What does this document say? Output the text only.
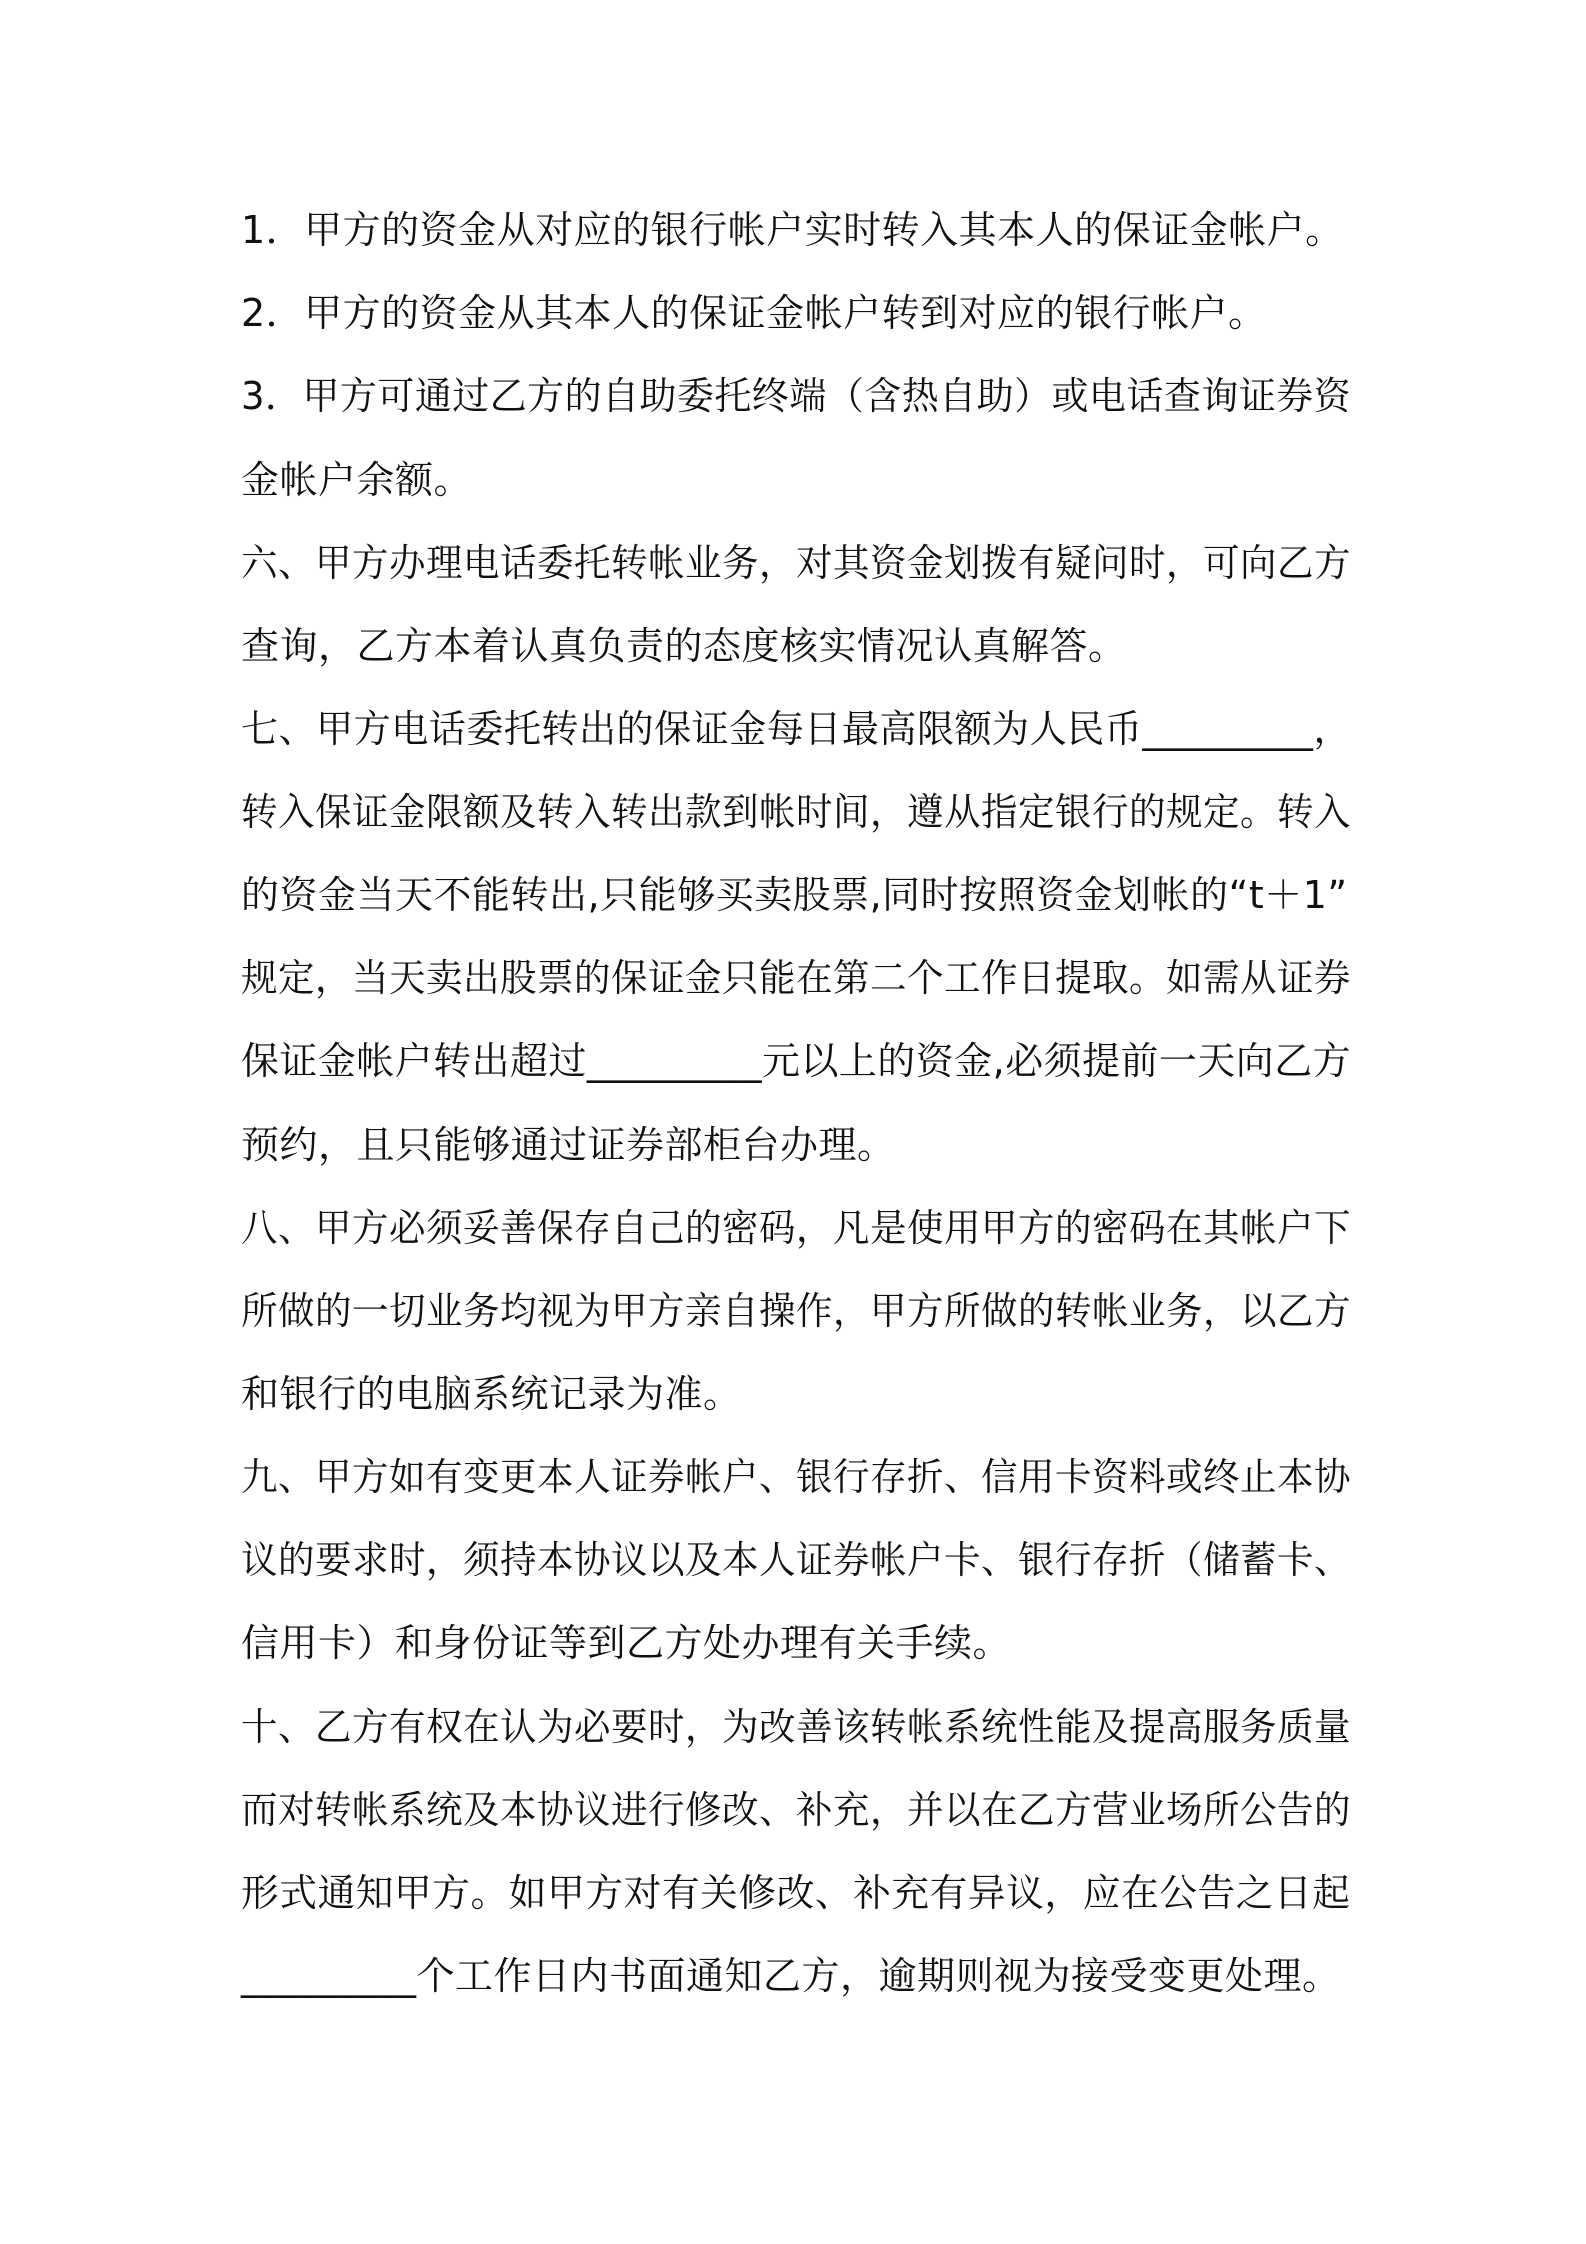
1．甲方的资金从对应的银行帐户实时转入其本人的保证金帐户。
2．甲方的资金从其本人的保证金帐户转到对应的银行帐户。
3．甲方可通过乙方的自助委托终端（含热自助）或电话查询证券资
金帐户余额。
六、甲方办理电话委托转帐业务，对其资金划拨有疑问时，可向乙方
查询，乙方本着认真负责的态度核实情况认真解答。
七、甲方电话委托转出的保证金每日最高限额为人民币_________，
转入保证金限额及转入转出款到帐时间，遵从指定银行的规定。转入
的资金当天不能转出,只能够买卖股票,同时按照资金划帐的“t＋1”
规定，当天卖出股票的保证金只能在第二个工作日提取。如需从证券
保证金帐户转出超过_________元以上的资金,必须提前一天向乙方
预约，且只能够通过证券部柜台办理。
八、甲方必须妥善保存自己的密码，凡是使用甲方的密码在其帐户下
所做的一切业务均视为甲方亲自操作，甲方所做的转帐业务，以乙方
和银行的电脑系统记录为准。
九、甲方如有变更本人证券帐户、银行存折、信用卡资料或终止本协
议的要求时，须持本协议以及本人证券帐户卡、银行存折（储蓄卡、
信用卡）和身份证等到乙方处办理有关手续。
十、乙方有权在认为必要时，为改善该转帐系统性能及提高服务质量
而对转帐系统及本协议进行修改、补充，并以在乙方营业场所公告的
形式通知甲方。如甲方对有关修改、补充有异议，应在公告之日起
_________个工作日内书面通知乙方，逾期则视为接受变更处理。
